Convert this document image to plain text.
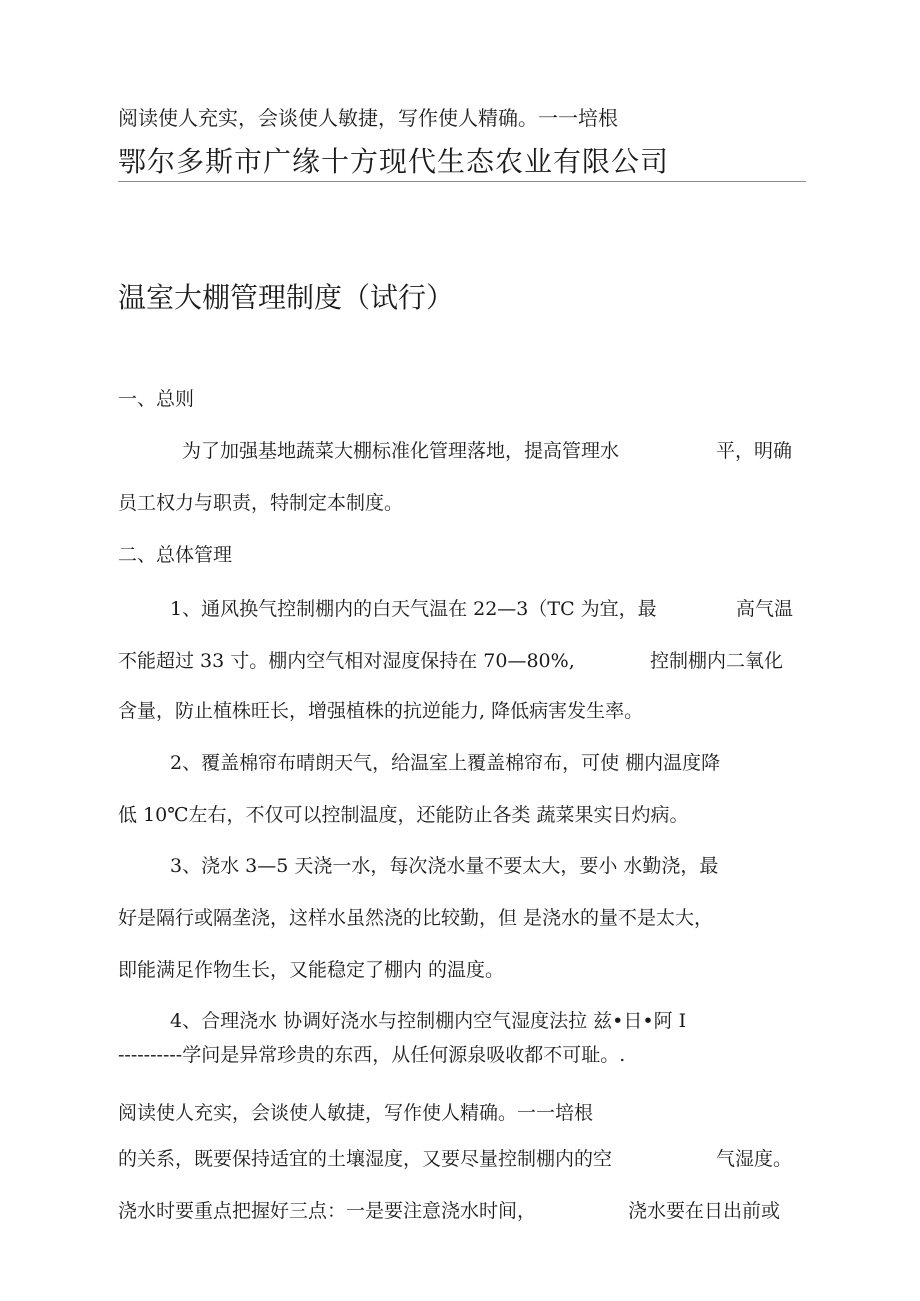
阅读使人充实，会谈使人敏捷，写作使人精确。一一培根

鄂尔多斯市广缘十方现代生态农业有限公司

温室大棚管理制度（试行）

一、总则

为了加强基地蔬菜大棚标准化管理落地，提高管理水	平，明确

员工权力与职责，特制定本制度。

二、总体管理

1、通风换气控制棚内的白天气温在 22—3（TC 为宜，最	高气温

不能超过 33 寸。棚内空气相对湿度保持在 70—80%,	控制棚内二氧化

含量，防止植株旺长，增强植株的抗逆能力, 降低病害发生率。

2、覆盖棉帘布晴朗天气，给温室上覆盖棉帘布，可使 棚内温度降

低 10℃左右，不仅可以控制温度，还能防止各类 蔬菜果实日灼病。

3、浇水 3—5 天浇一水，每次浇水量不要太大，要小 水勤浇，最

好是隔行或隔垄浇，这样水虽然浇的比较勤，但 是浇水的量不是太大，

即能满足作物生长，又能稳定了棚内 的温度。

4、合理浇水 协调好浇水与控制棚内空气湿度法拉 兹•日•阿 I

----------学问是异常珍贵的东西，从任何源泉吸收都不可耻。.

阅读使人充实，会谈使人敏捷，写作使人精确。一一培根

的关系，既要保持适宜的土壤湿度，又要尽量控制棚内的空	气湿度。

浇水时要重点把握好三点：一是要注意浇水时间，	浇水要在日出前或
